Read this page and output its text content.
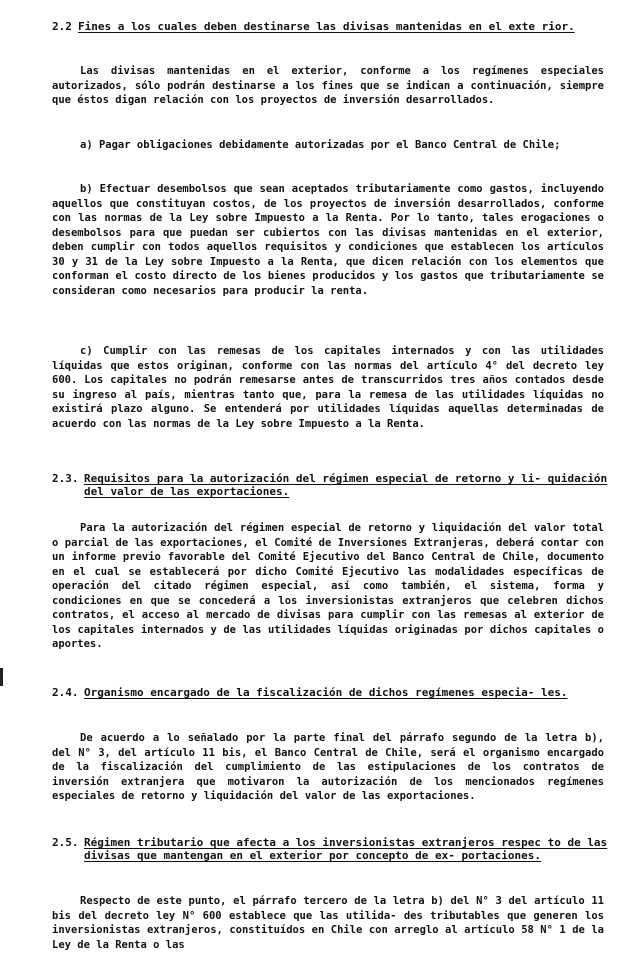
2.2 Fines a los cuales deben destinarse las divisas mantenidas en el exte rior.

Las divisas mantenidas en el exterior, conforme a los regímenes especiales autorizados, sólo podrán destinarse a los fines que se indican a continuación, siempre que éstos digan relación con los proyectos de inversión desarrollados.

a) Pagar obligaciones debidamente autorizadas por el Banco Central de Chile;

b) Efectuar desembolsos que sean aceptados tributariamente como gastos, incluyendo aquellos que constituyan costos, de los proyectos de inversión desarrollados, conforme con las normas de la Ley sobre Impuesto a la Renta. Por lo tanto, tales erogaciones o desembolsos para que puedan ser cubiertos con las divisas mantenidas en el exterior, deben cumplir con todos aquellos requisitos y condiciones que establecen los artículos 30 y 31 de la Ley sobre Impuesto a la Renta, que dicen relación con los elementos que conforman el costo directo de los bienes producidos y los gastos que tributariamente se consideran como necesarios para producir la renta.

c) Cumplir con las remesas de los capitales internados y con las utilidades líquidas que estos originan, conforme con las normas del artículo 4° del decreto ley 600. Los capitales no podrán remesarse antes de transcurridos tres años contados desde su ingreso al país, mientras tanto que, para la remesa de las utilidades líquidas no existirá plazo alguno. Se entenderá por utilidades líquidas aquellas determinadas de acuerdo con las normas de la Ley sobre Impuesto a la Renta.

2.3. Requisitos para la autorización del régimen especial de retorno y li- quidación del valor de las exportaciones.

Para la autorización del régimen especial de retorno y liquidación del valor total o parcial de las exportaciones, el Comité de Inversiones Extranjeras, deberá contar con un informe previo favorable del Comité Ejecutivo del Banco Central de Chile, documento en el cual se establecerá por dicho Comité Ejecutivo las modalidades específicas de operación del citado régimen especial, así como también, el sistema, forma y condiciones en que se concederá a los inversionistas extranjeros que celebren dichos contratos, el acceso al mercado de divisas para cumplir con las remesas al exterior de los capitales internados y de las utilidades líquidas originadas por dichos capitales o aportes.

2.4. Organismo encargado de la fiscalización de dichos regímenes especia- les.

De acuerdo a lo señalado por la parte final del párrafo segundo de la letra b), del N° 3, del artículo 11 bis, el Banco Central de Chile, será el organismo encargado de la fiscalización del cumplimiento de las estipulaciones de los contratos de inversión extranjera que motivaron la autorización de los mencionados regímenes especiales de retorno y liquidación del valor de las exportaciones.

2.5. Régimen tributario que afecta a los inversionistas extranjeros respec to de las divisas que mantengan en el exterior por concepto de ex- portaciones.

Respecto de este punto, el párrafo tercero de la letra b) del N° 3 del artículo 11 bis del decreto ley N° 600 establece que las utilida- des tributables que generen los inversionistas extranjeros, constituídos en Chile con arreglo al artículo 58 N° 1 de la Ley de la Renta o las
